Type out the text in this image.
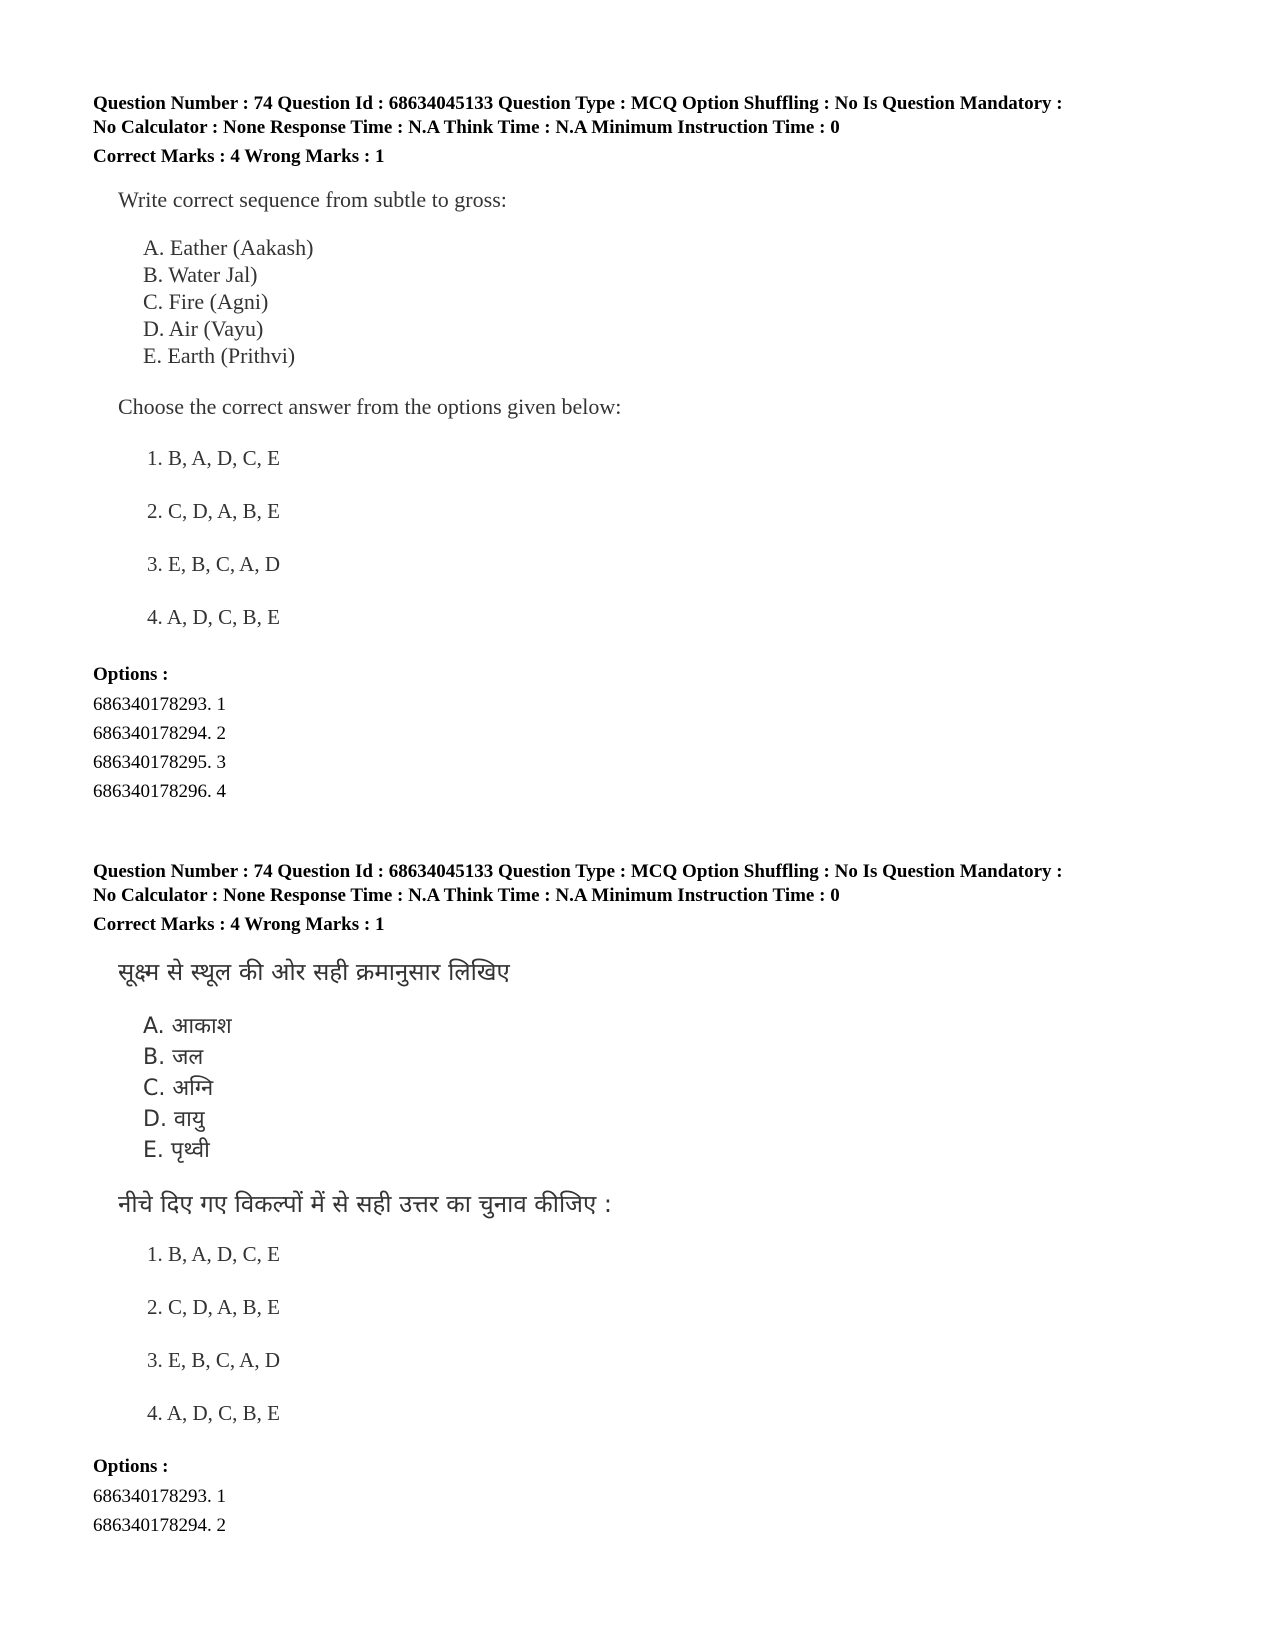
Question Number : 74 Question Id : 68634045133 Question Type : MCQ Option Shuffling : No Is Question Mandatory :
No Calculator : None Response Time : N.A Think Time : N.A Minimum Instruction Time : 0
Correct Marks : 4 Wrong Marks : 1
Write correct sequence from subtle to gross:
A. Eather (Aakash)
B. Water Jal)
C. Fire (Agni)
D. Air (Vayu)
E. Earth (Prithvi)
Choose the correct answer from the options given below:
1. B, A, D, C, E
2. C, D, A, B, E
3. E, B, C, A, D
4. A, D, C, B, E
Options :
686340178293. 1
686340178294. 2
686340178295. 3
686340178296. 4
Question Number : 74 Question Id : 68634045133 Question Type : MCQ Option Shuffling : No Is Question Mandatory :
No Calculator : None Response Time : N.A Think Time : N.A Minimum Instruction Time : 0
Correct Marks : 4 Wrong Marks : 1
सूक्ष्म से स्थूल की ओर सही क्रमानुसार लिखिए
A. आकाश
B. जल
C. अग्नि
D. वायु
E. पृथ्वी
नीचे दिए गए विकल्पों में से सही उत्तर का चुनाव कीजिए :
1. B, A, D, C, E
2. C, D, A, B, E
3. E, B, C, A, D
4. A, D, C, B, E
Options :
686340178293. 1
686340178294. 2
